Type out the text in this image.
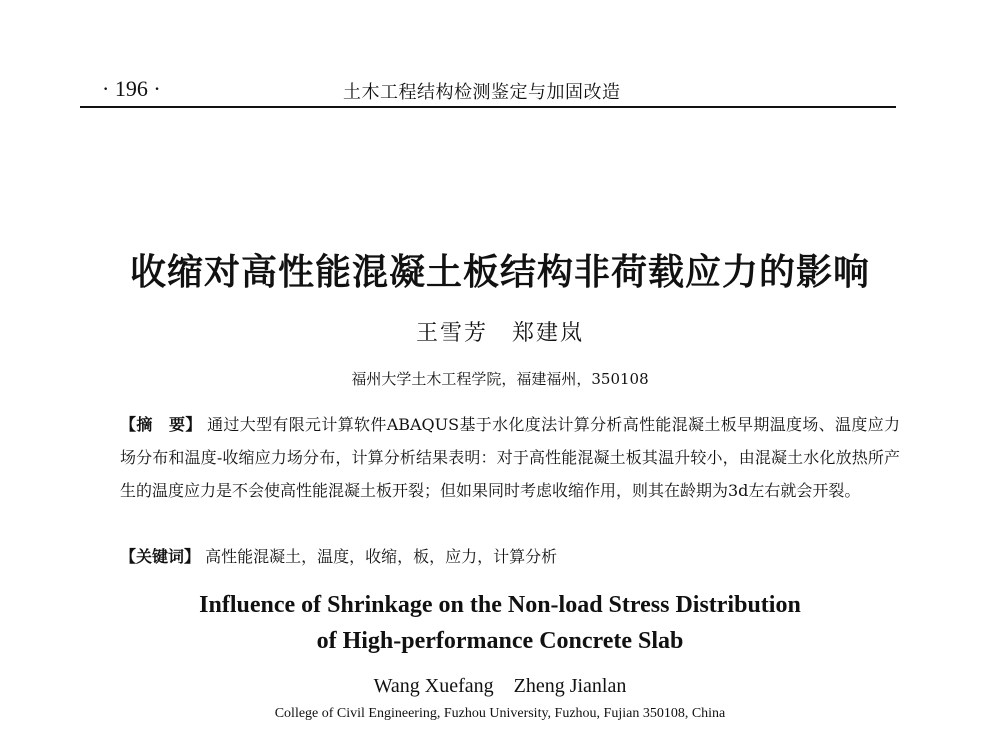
· 196 ·	土木工程结构检测鉴定与加固改造
收缩对高性能混凝土板结构非荷载应力的影响
王雪芳　郑建岚
福州大学土木工程学院，福建福州，350108
【摘　要】 通过大型有限元计算软件ABAQUS基于水化度法计算分析高性能混凝土板早期温度场、温度应力场分布和温度-收缩应力场分布，计算分析结果表明：对于高性能混凝土板其温升较小，由混凝土水化放热所产生的温度应力是不会使高性能混凝土板开裂；但如果同时考虑收缩作用，则其在龄期为3d左右就会开裂。
【关键词】 高性能混凝土，温度，收缩，板，应力，计算分析
Influence of Shrinkage on the Non-load Stress Distribution
of High-performance Concrete Slab
Wang Xuefang　Zheng Jianlan
College of Civil Engineering, Fuzhou University, Fuzhou, Fujian 350108, China
